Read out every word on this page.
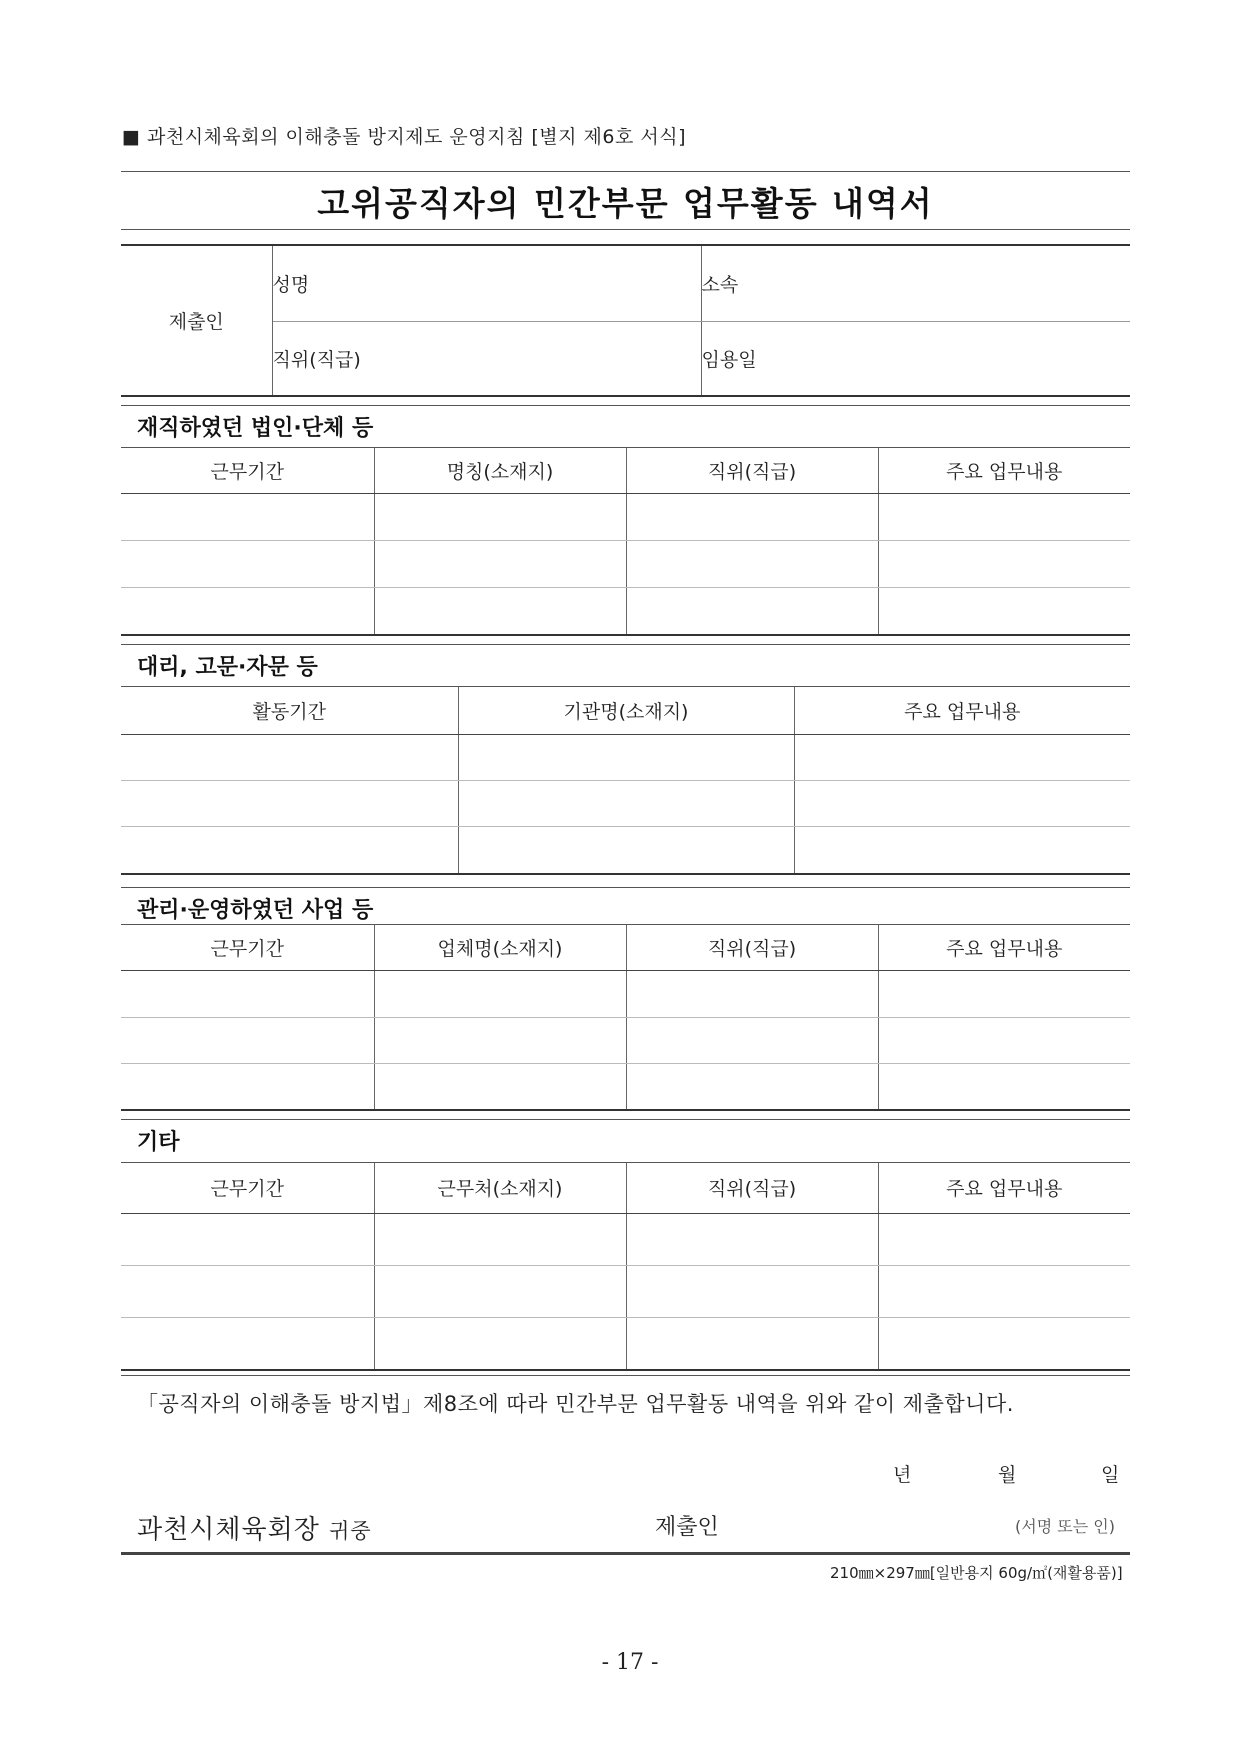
■ 과천시체육회의 이해충돌 방지제도 운영지침 [별지 제6호 서식]
고위공직자의 민간부문 업무활동 내역서
제출인	성명	소속
	직위(직급)	임용일
재직하였던 법인·단체 등
근무기간	명칭(소재지)	직위(직급)	주요 업무내용

대리, 고문·자문 등
활동기간	기관명(소재지)	주요 업무내용

관리·운영하였던 사업 등
근무기간	업체명(소재지)	직위(직급)	주요 업무내용

기타
근무기간	근무처(소재지)	직위(직급)	주요 업무내용

「공직자의 이해충돌 방지법」제8조에 따라 민간부문 업무활동 내역을 위와 같이 제출합니다.
년	월	일
과천시체육회장 귀중	제출인	(서명 또는 인)
210㎜×297㎜[일반용지 60g/㎡(재활용품)]
- 17 -
